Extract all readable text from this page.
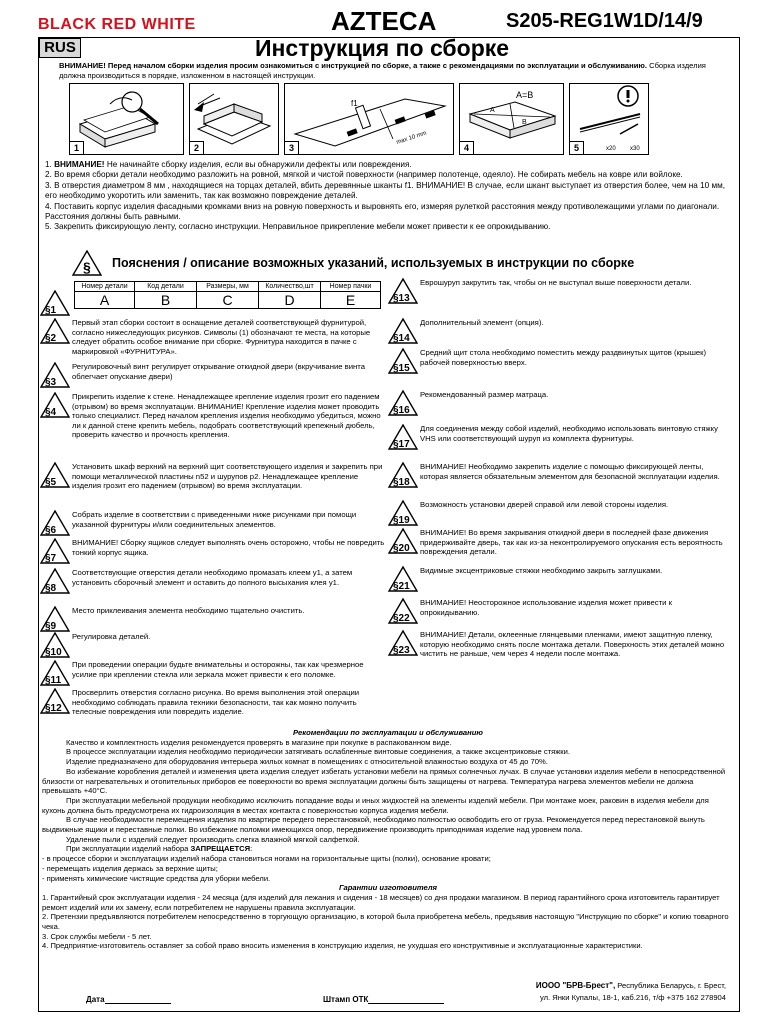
BLACK RED WHITE	AZTECA	S205-REG1W1D/14/9
RUS	Инструкция по сборке
ВНИМАНИЕ! Перед началом сборки изделия просим ознакомиться с инструкцией по сборке, а также с рекомендациями по эксплуатации и обслуживанию. Сборка изделия должна производиться в порядке, изложенном в настоящей инструкции.
1	2
f1
max 10 mm
3
A=B
A
B
4	x20 x30
5
1. ВНИМАНИЕ! Не начинайте сборку изделия, если вы обнаружили дефекты или повреждения.
2. Во время сборки детали необходимо разложить на ровной, мягкой и чистой поверхности (например полотенце, одеяло). Не собирать мебель на ковре или войлоке.
3. В отверстия диаметром 8 мм , находящиеся на торцах деталей, вбить деревянные шканты f1. ВНИМАНИЕ! В случае, если шкант выступает из отверстия более, чем на 10 мм, его необходимо укоротить или заменить, так как возможно повреждение деталей.
4. Поставить корпус изделия фасадными кромками вниз на ровную поверхность и выровнять его, измеряя рулеткой расстояния между противолежащими углами по диагонали. Расстояния должны быть равными.
5. Закрепить фиксирующую ленту, согласно инструкции. Неправильное прикрепление мебели может привести к ее опрокидыванию.
§ Пояснения / описание возможных указаний, используемых в инструкции по сборке
Номер детали	Код детали	Размеры, мм	Количество,шт	Номер пачки
A	B	C	D	E
§1
§2
Первый этап сборки состоит в оснащение деталей соответствующей фурнитурой, согласно нижеследующих рисунков. Символы (1) обозначают те места, на которые следует обратить особое внимание при сборке. Фурнитура находится в пачке с маркировкой «ФУРНИТУРА».
§3
Регулировочный винт регулирует открывание откидной двери (вкручивание винта облегчает опускание двери)
§4
Прикрепить изделие к стене. Ненадлежащее крепление изделия грозит его падением (отрывом) во время эксплуатации. ВНИМАНИЕ! Крепление изделия может проводить только специалист. Перед началом крепления изделия необходимо убедиться, можно ли к данной стене крепить мебель, подобрать соответствующий крепежный дюбель, проверить качество и прочность крепления.
§5
Установить шкаф верхний на верхний щит соответствующего изделия и закрепить при помощи металлической пластины n52 и шурупов p2. Ненадлежащее крепление изделия грозит его падением (отрывом) во время эксплуатации.
§6
Собрать изделие в соответствии с приведенными ниже рисунками при помощи указанной фурнитуры и/или соединительных элементов.
§7
ВНИМАНИЕ! Сборку ящиков следует выполнять очень осторожно, чтобы не повредить тонкий корпус ящика.
§8
Соответствующие отверстия детали необходимо промазать клеем y1, а затем установить сборочный элемент и оставить до полного высыхания клея y1.
§9
Место приклеивания элемента необходимо тщательно очистить.
§10
Регулировка деталей.
§11
При проведении операции будьте внимательны и осторожны, так как чрезмерное усилие при креплении стекла или зеркала может привести к его поломке.
§12
Просверлить отверстия согласно рисунка. Во время выполнения этой операции необходимо соблюдать правила техники безопасности, так как можно получить телесные повреждения или повредить изделие.
§13
Еврошуруп закрутить так, чтобы он не выступал выше поверхности детали.
§14
Дополнительный элемент (опция).
§15
Средний щит стола необходимо поместить между раздвинутых щитов (крышек) рабочей поверхностью вверх.
§16
Рекомендованный размер матраца.
§17
Для соединения между собой изделий, необходимо использовать винтовую стяжку VHS или соответствующий шуруп из комплекта фурнитуры.
§18
ВНИМАНИЕ! Необходимо закрепить изделие с помощью фиксирующей ленты, которая является обязательным элементом для безопасной эксплуатации изделия.
§19
Возможность установки дверей справой или левой стороны изделия.
§20
ВНИМАНИЕ! Во время закрывания откидной двери в последней фазе движения придерживайте дверь, так как из-за неконтролируемого опускания есть вероятность повреждения детали.
§21
Видимые эксцентриковые стяжки необходимо закрыть заглушками.
§22
ВНИМАНИЕ! Неосторожное использование изделия может привести к опрокидыванию.
§23
ВНИМАНИЕ! Детали, оклеенные глянцевыми пленками, имеют защитную пленку, которую необходимо снять после монтажа детали. Поверхность этих деталей можно чистить не раньше, чем через 4 недели после монтажа.
Рекомендации по эксплуатации и обслуживанию
Качество и комплектность изделия рекомендуется проверять в магазине при покупке в распакованном виде.
В процессе эксплуатации изделия необходимо периодически затягивать ослабленные винтовые соединения, а также эксцентриковые стяжки.
Изделие предназначено для оборудования интерьера жилых комнат в помещениях с относительной влажностью воздуха от 45 до 70%.
Во избежание коробления деталей и изменения цвета изделия следует избегать установки мебели на прямых солнечных лучах. В случае установки изделия мебели в непосредственной близости от нагревательных и отопительных приборов ее поверхности во время эксплуатации должны быть защищены от нагрева. Температура нагрева элементов мебели не должна превышать +40°C.
При эксплуатации мебельной продукции необходимо исключить попадание воды и иных жидкостей на элементы изделий мебели. При монтаже моек, раковин в изделия мебели для кухонь должна быть предусмотрена их гидроизоляция в местах контакта с поверхностью корпуса изделия мебели.
В случае необходимости перемещения изделия по квартире передего перестановкой, необходимо полностью освободить его от груза. Рекомендуется перед перестановкой вынуть выдвижные ящики и переставные полки. Во избежание поломки имеющихся опор, передвижение производить приподнимая изделие над уровнем пола.
Удаление пыли с изделий следует производить слегка влажной мягкой салфеткой.
При эксплуатации изделий набора ЗАПРЕЩАЕТСЯ:
- в процессе сборки и эксплуатации изделий набора становиться ногами на горизонтальные щиты (полки), основание кровати;
- перемещать изделия держась за верхние щиты;
- применять химические чистящие средства для уборки мебели.
Гарантии изготовителя
1. Гарантийный срок эксплуатации изделия - 24 месяца (для изделий для лежания и сидения - 18 месяцев) со дня продажи магазином. В период гарантийного срока изготовитель гарантирует ремонт изделий или их замену, если потребителем не нарушены правила эксплуатации.
2. Претензии предъявляются потребителем непосредственно в торгующую организацию, в которой была приобретена мебель, предъявив настоящую "Инструкцию по сборке" и копию товарного чека.
3. Срок службы мебели - 5 лет.
4. Предприятие-изготовитель оставляет за собой право вносить изменения в конструкцию изделия, не ухудшая его конструктивные и эксплуатационные характеристики.
ИООО "БРВ-Брест", Республика Беларусь, г. Брест,
ул. Янки Купалы, 18-1, каб.216, т/ф +375 162 278904
Дата	Штамп ОТК
